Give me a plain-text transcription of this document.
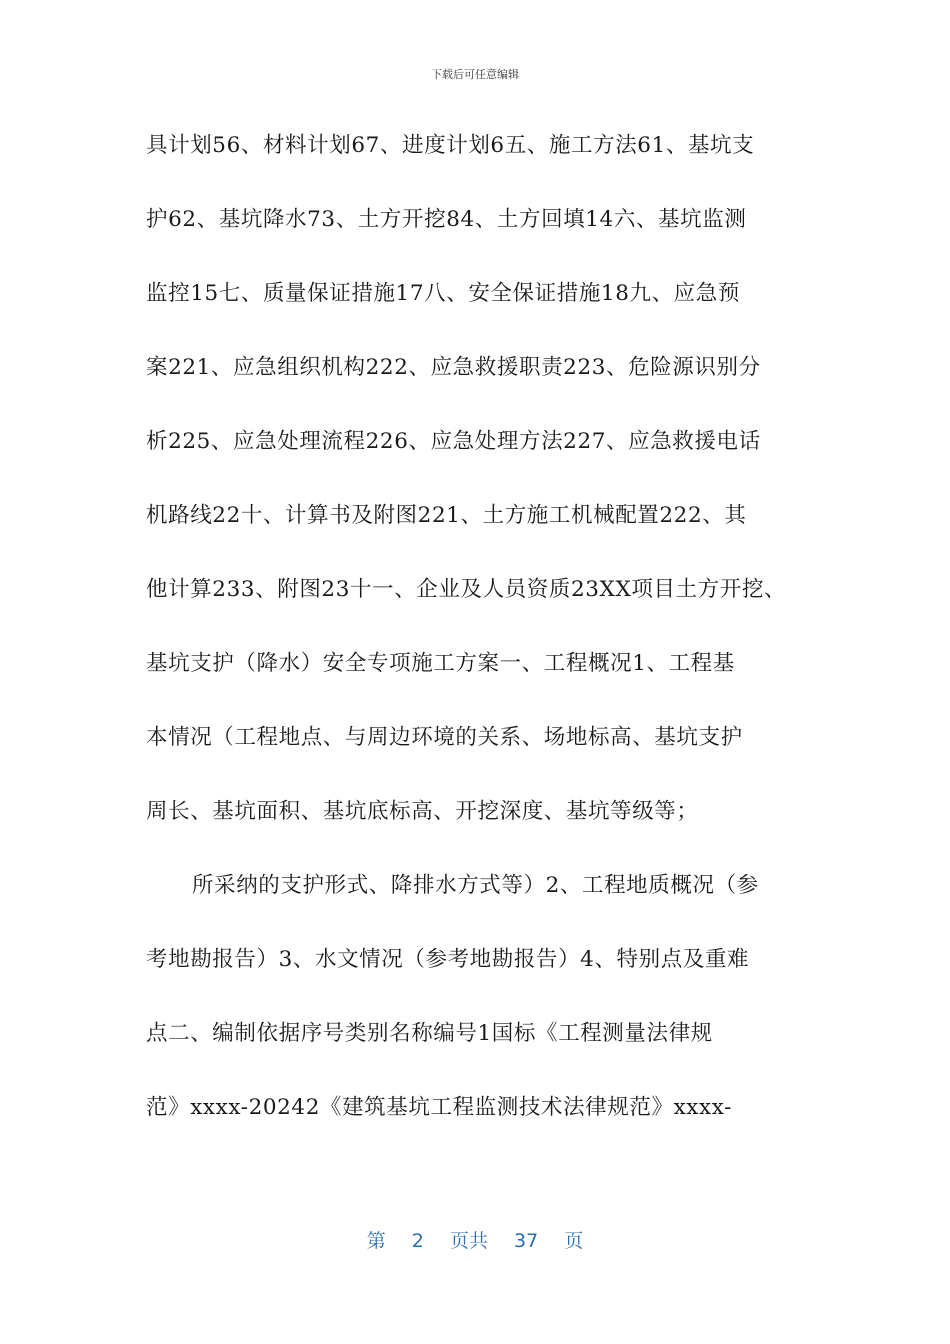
下载后可任意编辑
具计划56、材料计划67、进度计划6五、施工方法61、基坑支
护62、基坑降水73、土方开挖84、土方回填14六、基坑监测
监控15七、质量保证措施17八、安全保证措施18九、应急预
案221、应急组织机构222、应急救援职责223、危险源识别分
析225、应急处理流程226、应急处理方法227、应急救援电话
机路线22十、计算书及附图221、土方施工机械配置222、其
他计算233、附图23十一、企业及人员资质23XX项目土方开挖、
基坑支护（降水）安全专项施工方案一、工程概况1、工程基
本情况（工程地点、与周边环境的关系、场地标高、基坑支护
周长、基坑面积、基坑底标高、开挖深度、基坑等级等；
所采纳的支护形式、降排水方式等）2、工程地质概况（参
考地勘报告）3、水文情况（参考地勘报告）4、特别点及重难
点二、编制依据序号类别名称编号1国标《工程测量法律规
范》xxxx-20242《建筑基坑工程监测技术法律规范》xxxx-
第 2 页共 37 页
